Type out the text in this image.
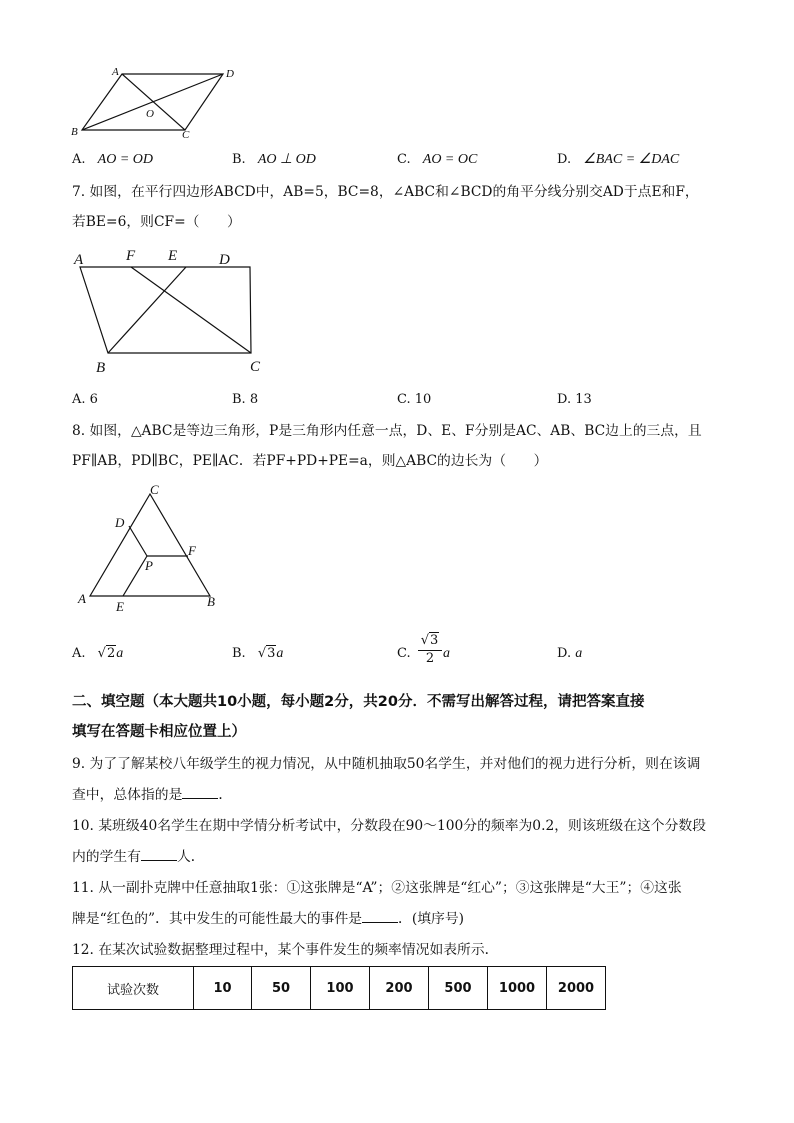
A	D
O
B	C
A. AO = OD	B. AO ⊥ OD	C. AO = OC	D. ∠BAC = ∠DAC
7. 如图，在平行四边形ABCD中，AB=5，BC=8，∠ABC和∠BCD的角平分线分别交AD于点E和F，
若BE=6，则CF=（　　）
A	F E	D
B	C
A. 6	B. 8	C. 10	D. 13
8. 如图，△ABC是等边三角形，P是三角形内任意一点，D、E、F分别是AC、AB、BC边上的三点，且
PF∥AB，PD∥BC，PE∥AC．若PF+PD+PE=a，则△ABC的边长为（　　）
C
D
F
P
A
E	B
A. √2a	B. √3a	C. $\frac{√3}{2}$ a	D. a
二、填空题（本大题共10小题，每小题2分，共20分．不需写出解答过程，请把答案直接
填写在答题卡相应位置上）
9. 为了了解某校八年级学生的视力情况，从中随机抽取50名学生，并对他们的视力进行分析，则在该调
查中，总体指的是	．
10. 某班级40名学生在期中学情分析考试中，分数段在90～100分的频率为0.2，则该班级在这个分数段
内的学生有	人．
11. 从一副扑克牌中任意抽取1张：①这张牌是“A”；②这张牌是“红心”；③这张牌是“大王”；④这张
牌是“红色的”．其中发生的可能性最大的事件是	．(填序号)
12. 在某次试验数据整理过程中，某个事件发生的频率情况如表所示．
试验次数	10	50	100	200	500	1000	2000
